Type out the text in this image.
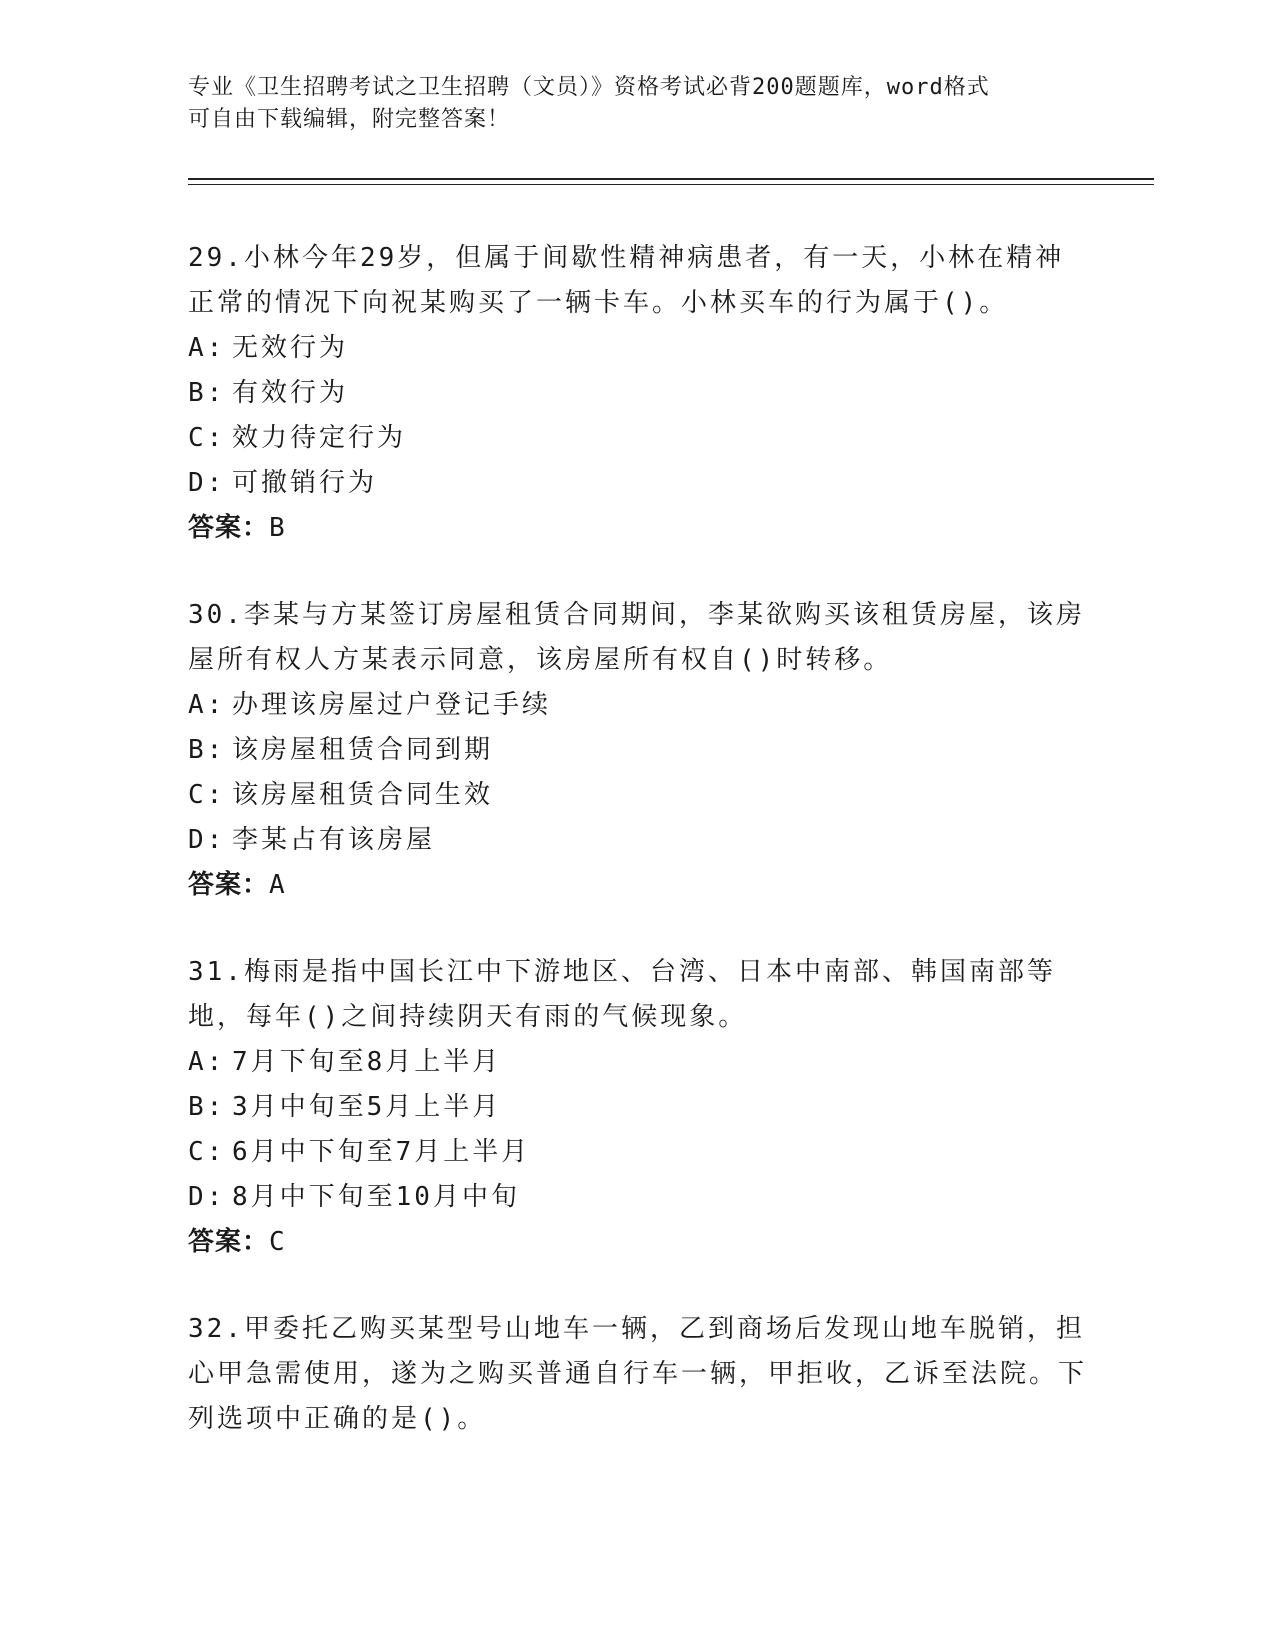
专业《卫生招聘考试之卫生招聘（文员）》资格考试必背200题题库，word格式
可自由下载编辑，附完整答案！

29.小林今年29岁，但属于间歇性精神病患者，有一天，小林在精神正常的情况下向祝某购买了一辆卡车。小林买车的行为属于()。

A: 无效行为

B: 有效行为

C: 效力待定行为

D: 可撤销行为

答案：B

30.李某与方某签订房屋租赁合同期间，李某欲购买该租赁房屋，该房屋所有权人方某表示同意，该房屋所有权自()时转移。

A: 办理该房屋过户登记手续

B: 该房屋租赁合同到期

C: 该房屋租赁合同生效

D: 李某占有该房屋

答案：A

31.梅雨是指中国长江中下游地区、台湾、日本中南部、韩国南部等地，每年()之间持续阴天有雨的气候现象。

A: 7月下旬至8月上半月

B: 3月中旬至5月上半月

C: 6月中下旬至7月上半月

D: 8月中下旬至10月中旬

答案：C

32.甲委托乙购买某型号山地车一辆，乙到商场后发现山地车脱销，担心甲急需使用，遂为之购买普通自行车一辆，甲拒收，乙诉至法院。下列选项中正确的是()。
